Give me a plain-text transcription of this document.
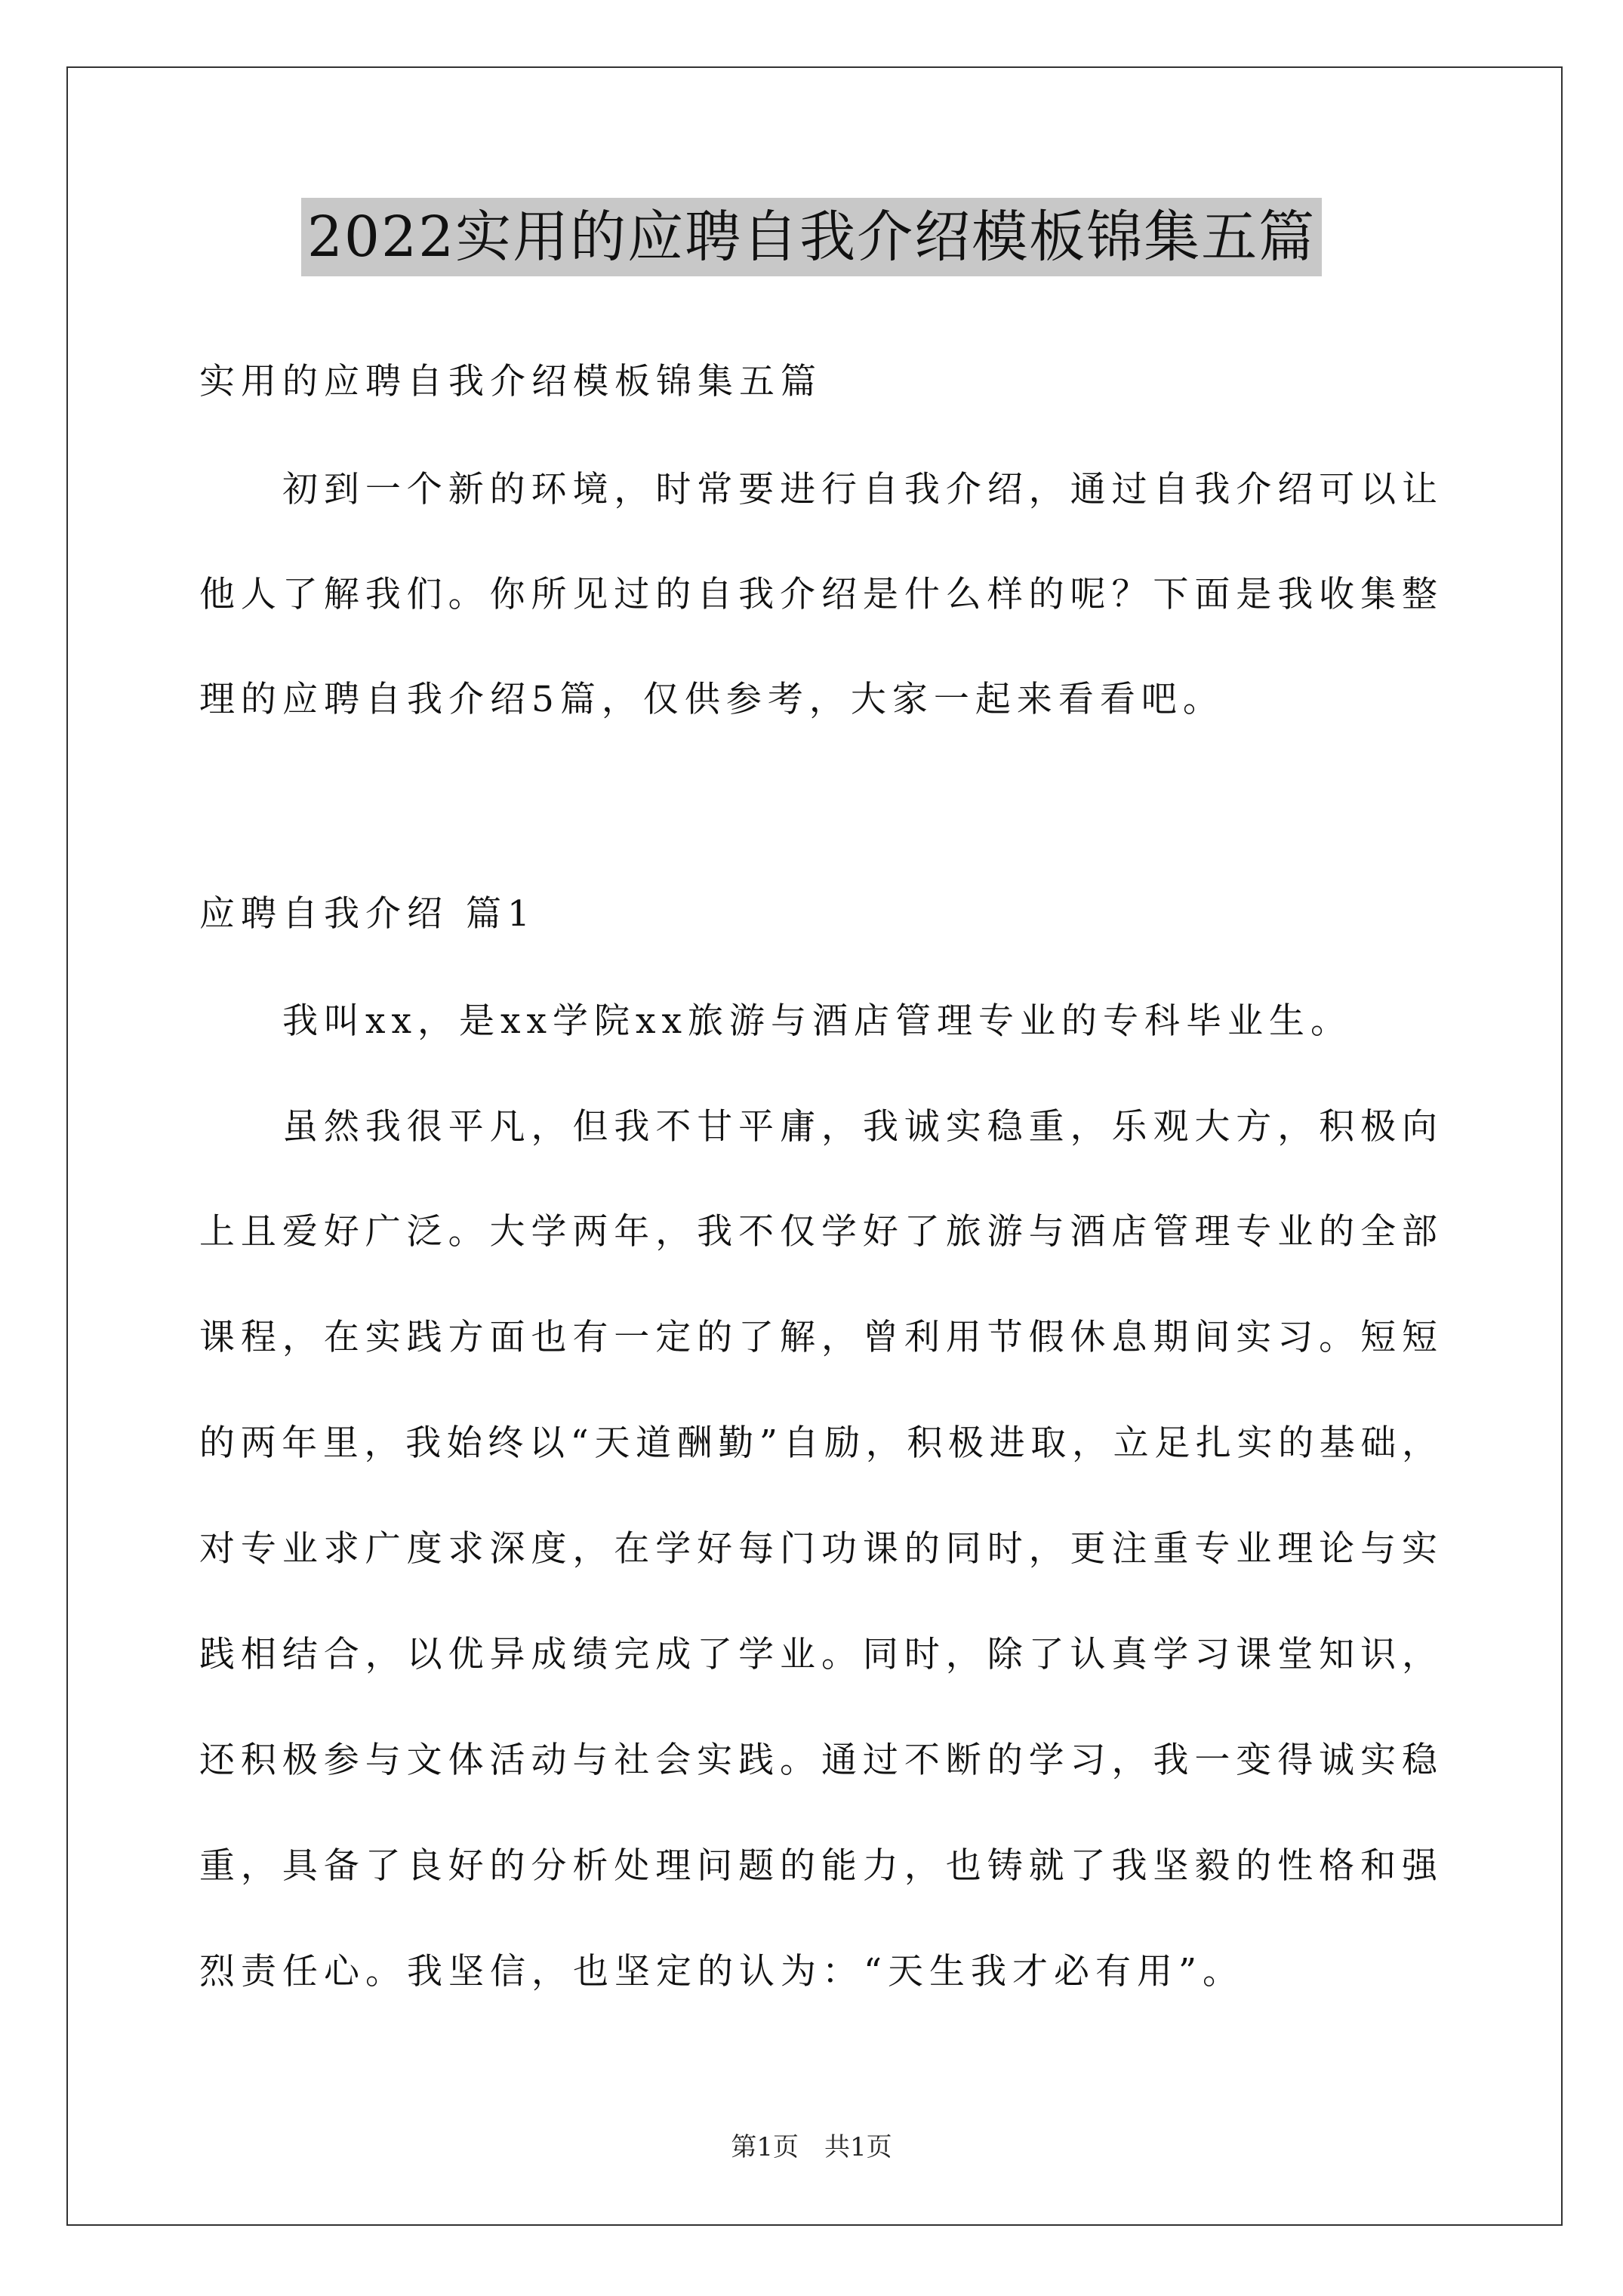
2022实用的应聘自我介绍模板锦集五篇
实用的应聘自我介绍模板锦集五篇
初到一个新的环境，时常要进行自我介绍，通过自我介绍可以让
他人了解我们。你所见过的自我介绍是什么样的呢？下面是我收集整
理的应聘自我介绍5篇，仅供参考，大家一起来看看吧。
应聘自我介绍 篇1
我叫xx，是xx学院xx旅游与酒店管理专业的专科毕业生。
虽然我很平凡，但我不甘平庸，我诚实稳重，乐观大方，积极向
上且爱好广泛。大学两年，我不仅学好了旅游与酒店管理专业的全部
课程，在实践方面也有一定的了解，曾利用节假休息期间实习。短短
的两年里，我始终以“天道酬勤”自励，积极进取，立足扎实的基础，
对专业求广度求深度，在学好每门功课的同时，更注重专业理论与实
践相结合，以优异成绩完成了学业。同时，除了认真学习课堂知识，
还积极参与文体活动与社会实践。通过不断的学习，我一变得诚实稳
重，具备了良好的分析处理问题的能力，也铸就了我坚毅的性格和强
烈责任心。我坚信，也坚定的认为：“天生我才必有用”。
第1页　共1页
